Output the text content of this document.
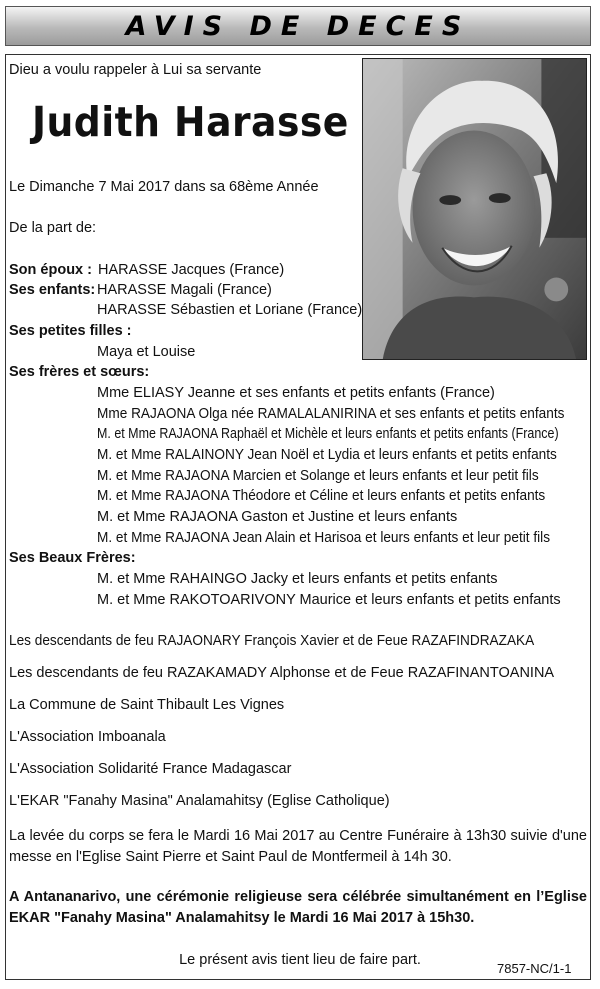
AVIS DE DECES
Dieu a voulu rappeler à Lui sa servante
Judith Harasse
Le Dimanche 7 Mai 2017 dans sa 68ème Année
De la part de:
Son époux : HARASSE Jacques (France)
Ses enfants: HARASSE Magali (France)
HARASSE Sébastien et Loriane (France)
Ses petites filles :
Maya et Louise
Ses frères et sœurs:
Mme ELIASY Jeanne et ses enfants et petits enfants (France)
Mme RAJAONA Olga née RAMALALANIRINA et ses enfants et petits enfants
M. et Mme RAJAONA Raphaël et Michèle et leurs enfants et petits enfants (France)
M. et Mme RALAINONY Jean Noël et Lydia et leurs enfants et petits enfants
M. et Mme RAJAONA Marcien et Solange et leurs enfants et leur petit fils
M. et Mme RAJAONA Théodore et Céline et leurs enfants et petits enfants
M. et Mme RAJAONA Gaston et Justine et leurs enfants
M. et Mme RAJAONA Jean Alain et Harisoa et leurs enfants et leur petit fils
Ses Beaux Frères:
M. et Mme RAHAINGO Jacky et leurs enfants et petits enfants
M. et Mme RAKOTOARIVONY Maurice et leurs enfants et petits enfants
Les descendants de feu RAJAONARY François Xavier et de Feue RAZAFINDRAZAKA
Les descendants de feu RAZAKAMADY Alphonse et de Feue RAZAFINANTOANINA
La Commune de Saint Thibault Les Vignes
L'Association Imboanala
L'Association Solidarité France Madagascar
L'EKAR "Fanahy Masina" Analamahitsy (Eglise Catholique)
La levée du corps se fera le Mardi 16 Mai 2017 au Centre Funéraire à 13h30 suivie d'une messe en l'Eglise Saint Pierre et Saint Paul de Montfermeil à 14h 30.
A Antananarivo, une cérémonie religieuse sera célébrée simultanément en l’Eglise EKAR "Fanahy Masina" Analamahitsy le Mardi 16 Mai 2017 à 15h30.
Le présent avis tient lieu de faire part.
7857-NC/1-1
